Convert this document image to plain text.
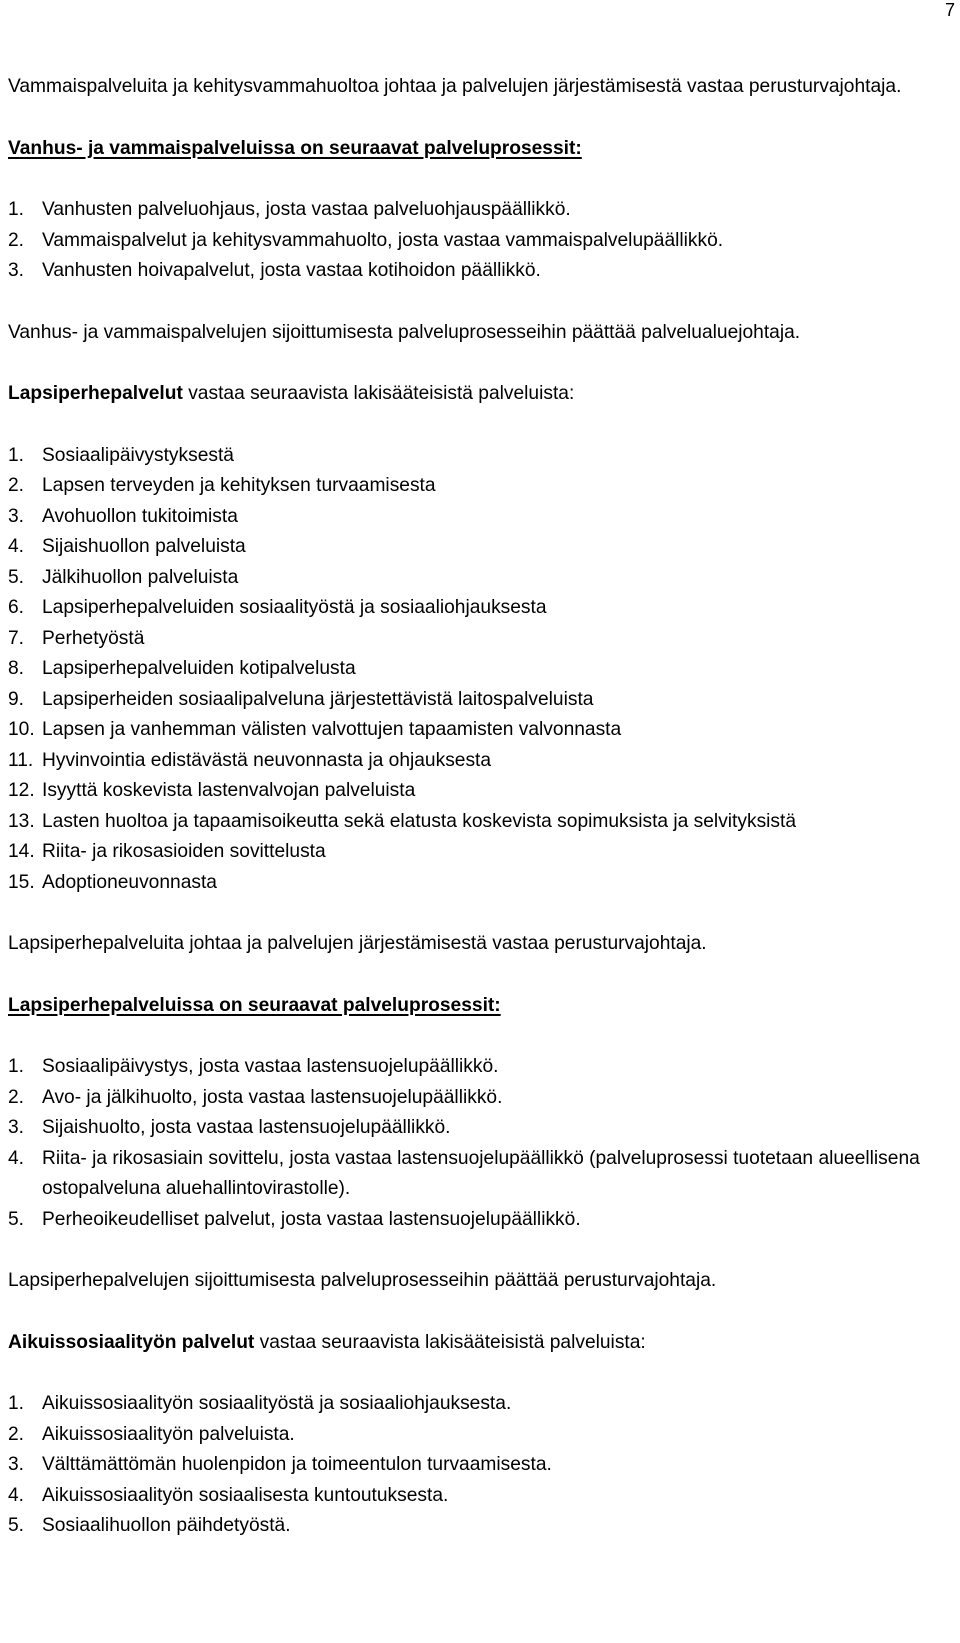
7

Vammaispalveluita ja kehitysvammahuoltoa johtaa ja palvelujen järjestämisestä vastaa perusturvajohtaja.

Vanhus- ja vammaispalveluissa on seuraavat palveluprosessit:

1. Vanhusten palveluohjaus, josta vastaa palveluohjauspäällikkö.
2. Vammaispalvelut ja kehitysvammahuolto, josta vastaa vammaispalvelupäällikkö.
3. Vanhusten hoivapalvelut, josta vastaa kotihoidon päällikkö.

Vanhus- ja vammaispalvelujen sijoittumisesta palveluprosesseihin päättää palvelualuejohtaja.

Lapsiperhepalvelut vastaa seuraavista lakisääteisistä palveluista:

1. Sosiaalipäivystyksestä
2. Lapsen terveyden ja kehityksen turvaamisesta
3. Avohuollon tukitoimista
4. Sijaishuollon palveluista
5. Jälkihuollon palveluista
6. Lapsiperhepalveluiden sosiaalityöstä ja sosiaaliohjauksesta
7. Perhetyöstä
8. Lapsiperhepalveluiden kotipalvelusta
9. Lapsiperheiden sosiaalipalveluna järjestettävistä laitospalveluista
10. Lapsen ja vanhemman välisten valvottujen tapaamisten valvonnasta
11. Hyvinvointia edistävästä neuvonnasta ja ohjauksesta
12. Isyyttä koskevista lastenvalvojan palveluista
13. Lasten huoltoa ja tapaamisoikeutta sekä elatusta koskevista sopimuksista ja selvityksistä
14. Riita- ja rikosasioiden sovittelusta
15. Adoptioneuvonnasta

Lapsiperhepalveluita johtaa ja palvelujen järjestämisestä vastaa perusturvajohtaja.

Lapsiperhepalveluissa on seuraavat palveluprosessit:

1. Sosiaalipäivystys, josta vastaa lastensuojelupäällikkö.
2. Avo- ja jälkihuolto, josta vastaa lastensuojelupäällikkö.
3. Sijaishuolto, josta vastaa lastensuojelupäällikkö.
4. Riita- ja rikosasiain sovittelu, josta vastaa lastensuojelupäällikkö (palveluprosessi tuotetaan alueellisena ostopalveluna aluehallintovirastolle).
5. Perheoikeudelliset palvelut, josta vastaa lastensuojelupäällikkö.

Lapsiperhepalvelujen sijoittumisesta palveluprosesseihin päättää perusturvajohtaja.

Aikuissosiaalityön palvelut vastaa seuraavista lakisääteisistä palveluista:

1. Aikuissosiaalityön sosiaalityöstä ja sosiaaliohjauksesta.
2. Aikuissosiaalityön palveluista.
3. Välttämättömän huolenpidon ja toimeentulon turvaamisesta.
4. Aikuissosiaalityön sosiaalisesta kuntoutuksesta.
5. Sosiaalihuollon päihdetyöstä.
